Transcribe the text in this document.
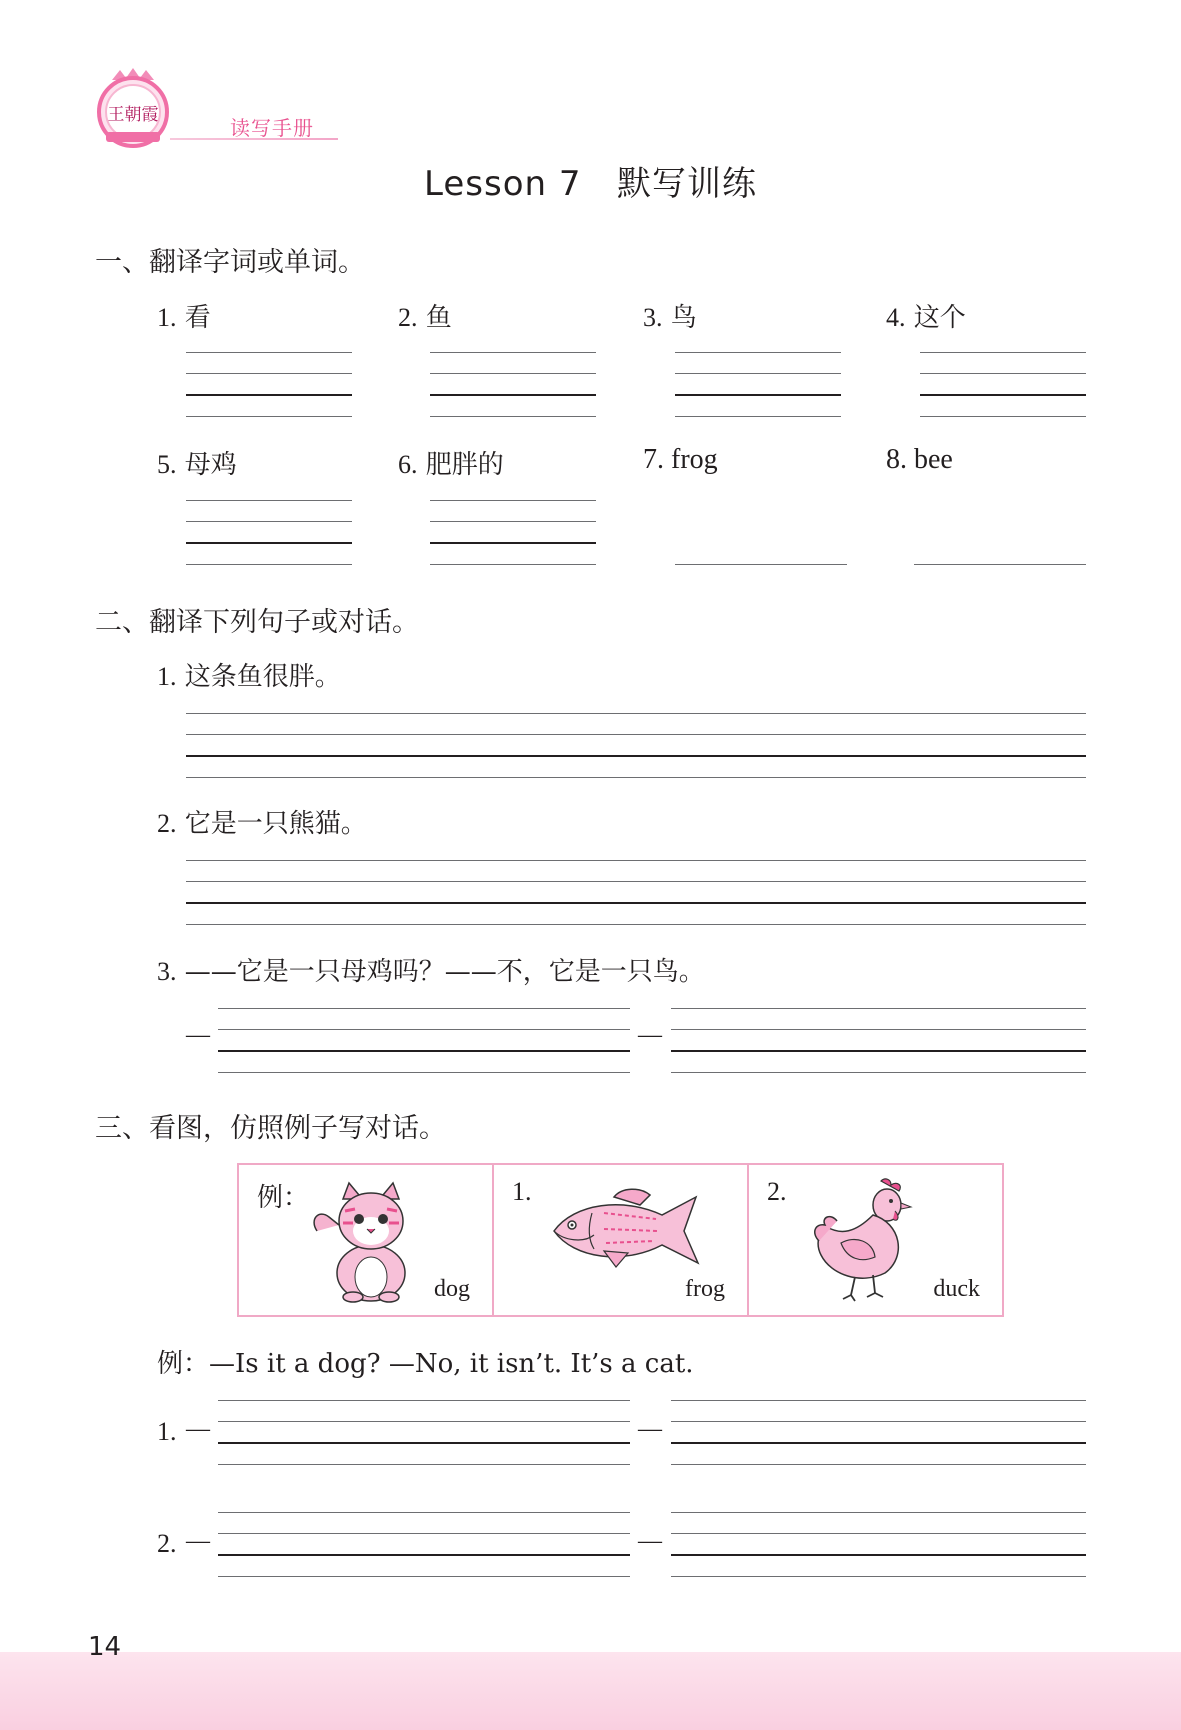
王朝霞
读写手册
Lesson 7 默写训练
一、翻译字词或单词。
1. 看	2. 鱼	3. 鸟	4. 这个
5. 母鸡	6. 肥胖的	7. frog	8. bee
二、翻译下列句子或对话。
1. 这条鱼很胖。
2. 它是一只熊猫。
3. ——它是一只母鸡吗？——不，它是一只鸟。
—	—
三、看图，仿照例子写对话。
例：
dog
1.
frog
2.
duck
例：—Is it a dog? —No, it isn’t. It’s a cat.
1. —	—
2. —	—
14
